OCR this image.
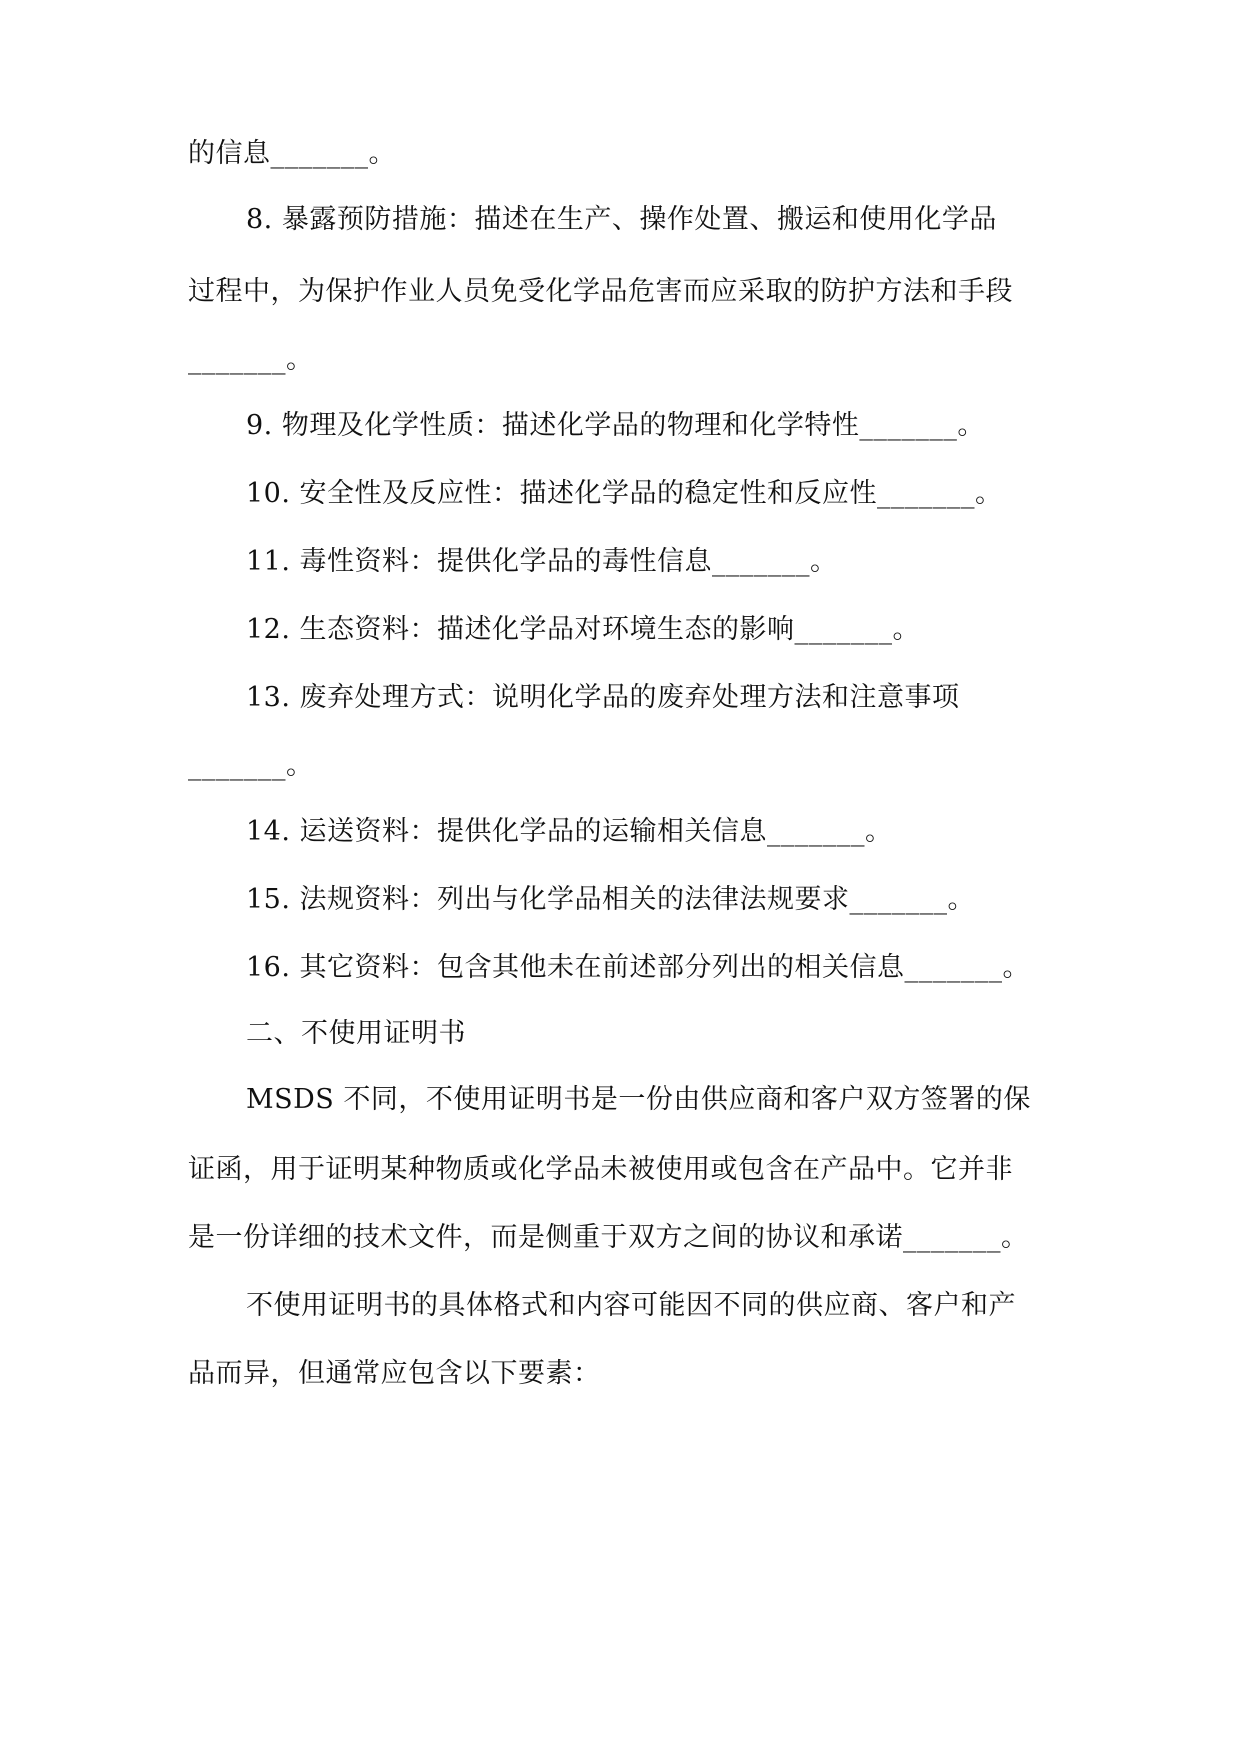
的信息_______。
8. 暴露预防措施：描述在生产、操作处置、搬运和使用化学品
过程中，为保护作业人员免受化学品危害而应采取的防护方法和手段
_______。
9. 物理及化学性质：描述化学品的物理和化学特性_______。
10. 安全性及反应性：描述化学品的稳定性和反应性_______。
11. 毒性资料：提供化学品的毒性信息_______。
12. 生态资料：描述化学品对环境生态的影响_______。
13. 废弃处理方式：说明化学品的废弃处理方法和注意事项
_______。
14. 运送资料：提供化学品的运输相关信息_______。
15. 法规资料：列出与化学品相关的法律法规要求_______。
16. 其它资料：包含其他未在前述部分列出的相关信息_______。
二、不使用证明书
MSDS 不同，不使用证明书是一份由供应商和客户双方签署的保
证函，用于证明某种物质或化学品未被使用或包含在产品中。它并非
是一份详细的技术文件，而是侧重于双方之间的协议和承诺_______。
不使用证明书的具体格式和内容可能因不同的供应商、客户和产
品而异，但通常应包含以下要素：
